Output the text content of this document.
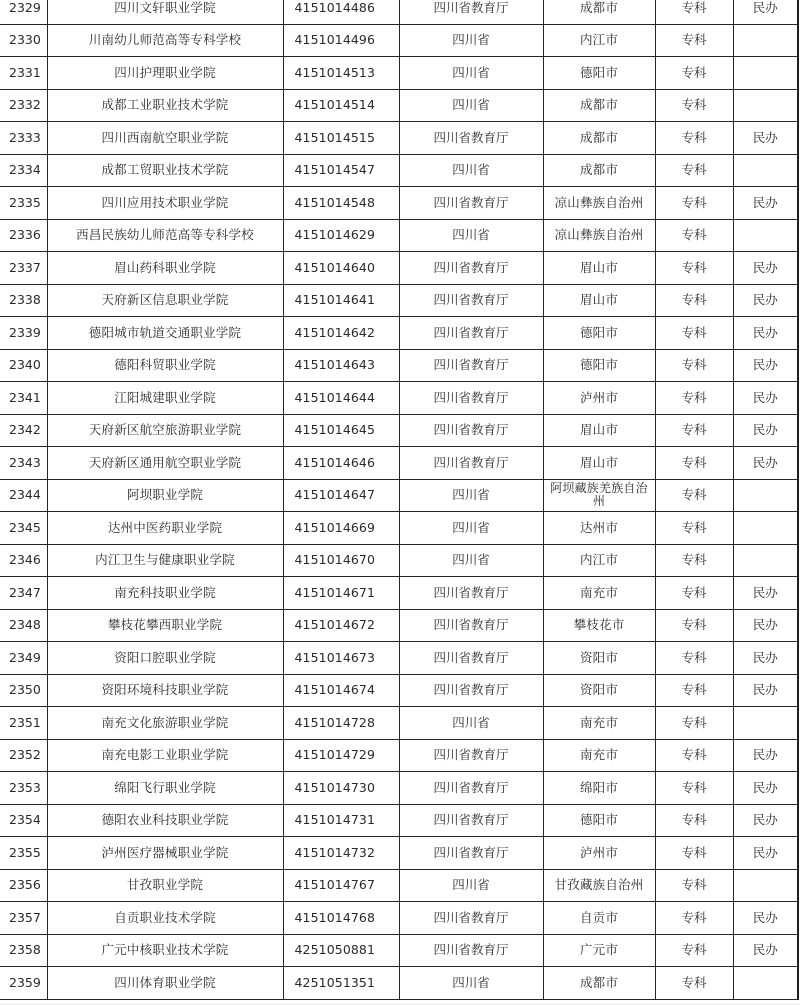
2329	四川文轩职业学院	4151014486	四川省教育厅	成都市	专科	民办
2330	川南幼儿师范高等专科学校	4151014496	四川省	内江市	专科	
2331	四川护理职业学院	4151014513	四川省	德阳市	专科	
2332	成都工业职业技术学院	4151014514	四川省	成都市	专科	
2333	四川西南航空职业学院	4151014515	四川省教育厅	成都市	专科	民办
2334	成都工贸职业技术学院	4151014547	四川省	成都市	专科	
2335	四川应用技术职业学院	4151014548	四川省教育厅	凉山彝族自治州	专科	民办
2336	西昌民族幼儿师范高等专科学校	4151014629	四川省	凉山彝族自治州	专科	
2337	眉山药科职业学院	4151014640	四川省教育厅	眉山市	专科	民办
2338	天府新区信息职业学院	4151014641	四川省教育厅	眉山市	专科	民办
2339	德阳城市轨道交通职业学院	4151014642	四川省教育厅	德阳市	专科	民办
2340	德阳科贸职业学院	4151014643	四川省教育厅	德阳市	专科	民办
2341	江阳城建职业学院	4151014644	四川省教育厅	泸州市	专科	民办
2342	天府新区航空旅游职业学院	4151014645	四川省教育厅	眉山市	专科	民办
2343	天府新区通用航空职业学院	4151014646	四川省教育厅	眉山市	专科	民办
2344	阿坝职业学院	4151014647	四川省	阿坝藏族羌族自治州	专科	
2345	达州中医药职业学院	4151014669	四川省	达州市	专科	
2346	内江卫生与健康职业学院	4151014670	四川省	内江市	专科	
2347	南充科技职业学院	4151014671	四川省教育厅	南充市	专科	民办
2348	攀枝花攀西职业学院	4151014672	四川省教育厅	攀枝花市	专科	民办
2349	资阳口腔职业学院	4151014673	四川省教育厅	资阳市	专科	民办
2350	资阳环境科技职业学院	4151014674	四川省教育厅	资阳市	专科	民办
2351	南充文化旅游职业学院	4151014728	四川省	南充市	专科	
2352	南充电影工业职业学院	4151014729	四川省教育厅	南充市	专科	民办
2353	绵阳飞行职业学院	4151014730	四川省教育厅	绵阳市	专科	民办
2354	德阳农业科技职业学院	4151014731	四川省教育厅	德阳市	专科	民办
2355	泸州医疗器械职业学院	4151014732	四川省教育厅	泸州市	专科	民办
2356	甘孜职业学院	4151014767	四川省	甘孜藏族自治州	专科	
2357	自贡职业技术学院	4151014768	四川省教育厅	自贡市	专科	民办
2358	广元中核职业技术学院	4251050881	四川省教育厅	广元市	专科	民办
2359	四川体育职业学院	4251051351	四川省	成都市	专科	
